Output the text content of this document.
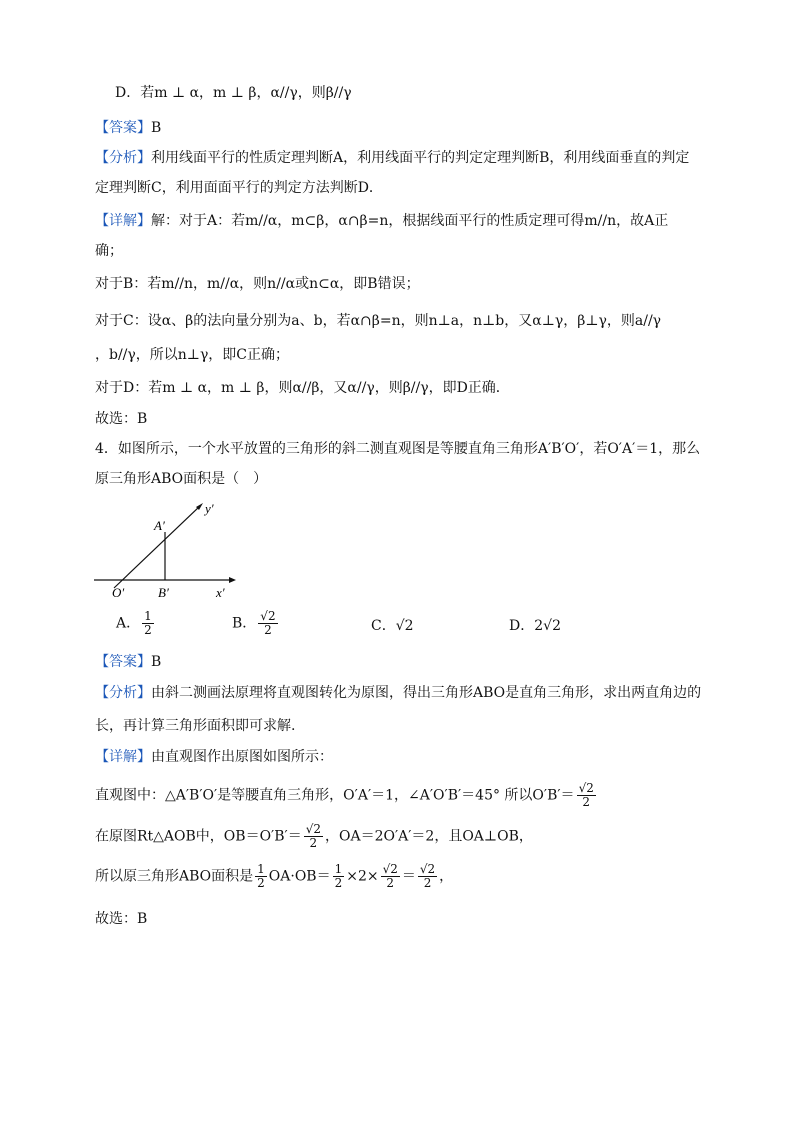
D．若m ⊥ α，m ⊥ β，α//γ，则β//γ
【答案】B
【分析】利用线面平行的性质定理判断A，利用线面平行的判定定理判断B，利用线面垂直的判定
定理判断C，利用面面平行的判定方法判断D．
【详解】解：对于A：若m//α，m⊂β，α∩β=n，根据线面平行的性质定理可得m//n，故A正
确；
对于B：若m//n，m//α，则n//α或n⊂α，即B错误；
对于C：设α、β的法向量分别为a、b，若α∩β=n，则n⊥a，n⊥b，又α⊥γ，β⊥γ，则a//γ
，b//γ，所以n⊥γ，即C正确；
对于D：若m ⊥ α，m ⊥ β，则α//β，又α//γ，则β//γ，即D正确．
故选：B
4．如图所示，一个水平放置的三角形的斜二测直观图是等腰直角三角形A′B′O′，若O′A′＝1，那么
原三角形ABO面积是（　）
y′
x′
A′
B′
O′
A． $\frac{1}{2}$	B． $\frac{√2}{2}$	C．√2	D．2√2
【答案】B
【分析】由斜二测画法原理将直观图转化为原图，得出三角形ABO是直角三角形，求出两直角边的
长，再计算三角形面积即可求解.
【详解】由直观图作出原图如图所示：
直观图中：△A′B′O′是等腰直角三角形，O′A′＝1，∠A′O′B′＝45° 所以$O'B'= \frac{√2}{2}$
在原图Rt△AOB中，$OB=O'B'= \frac{√2}{2}$ ，OA＝2O′A′＝2，且OA⊥OB，
所以原三角形ABO面积是 $\frac{1}{2} OA\cdot OB= \frac{1}{2} \times 2\times \frac{√2}{2} = \frac{√2}{2}$ ，
故选：B
